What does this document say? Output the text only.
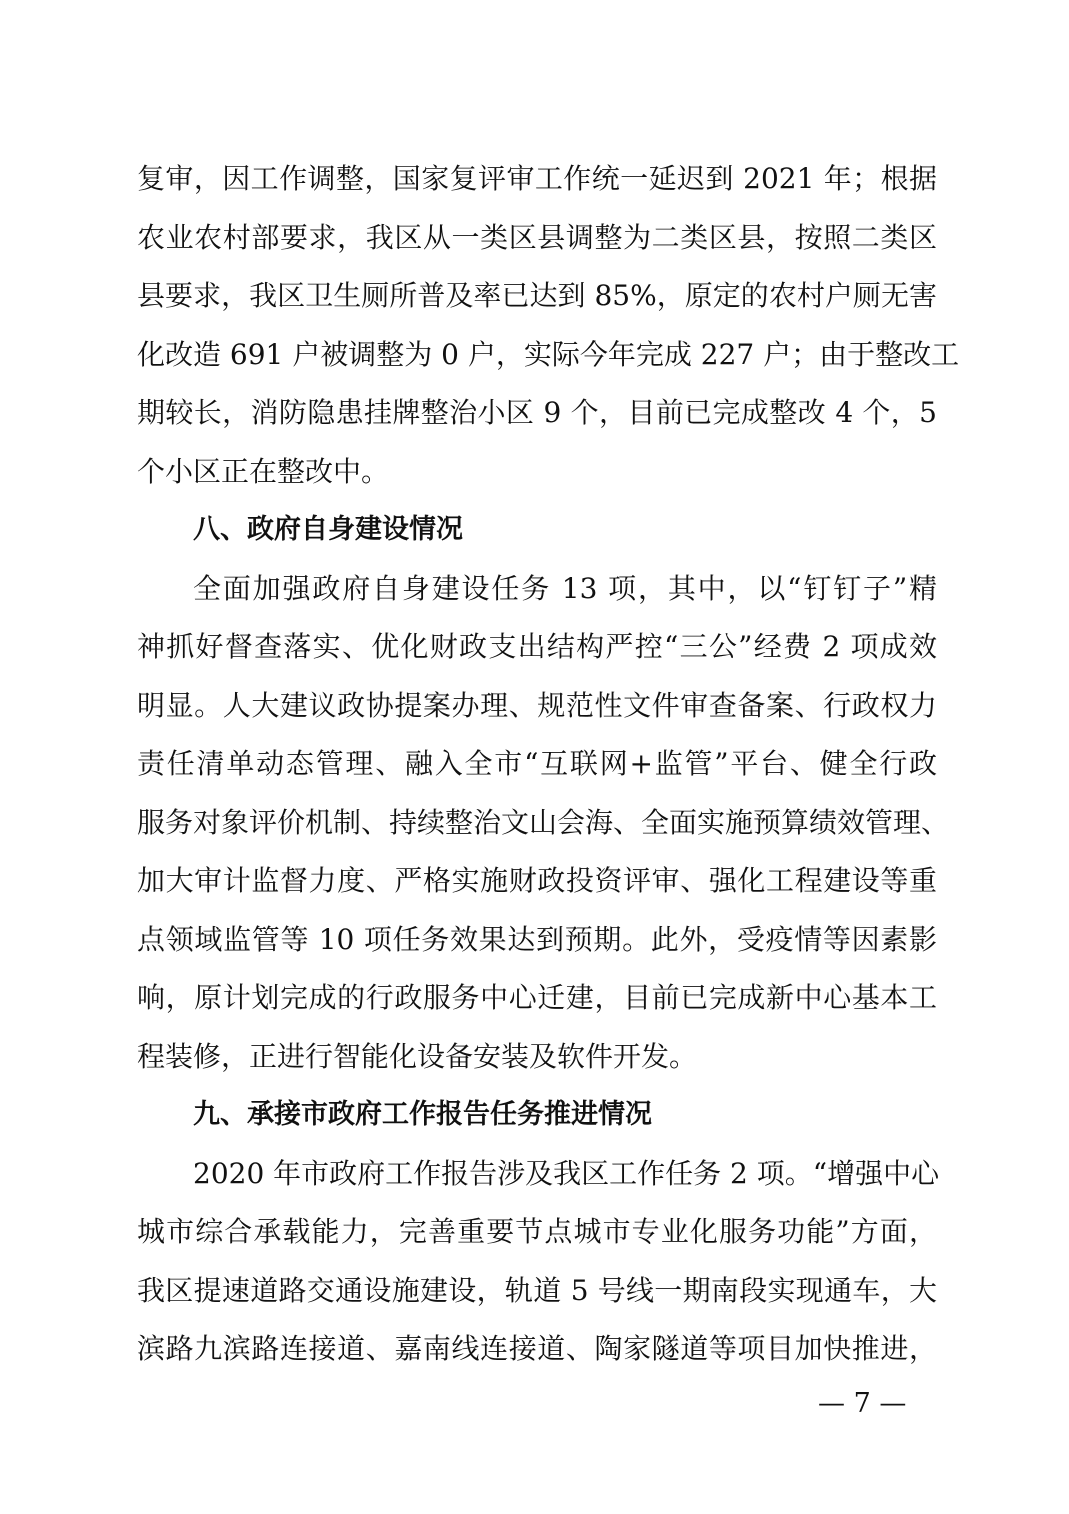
复审，因工作调整，国家复评审工作统一延迟到 2021 年；根据
农业农村部要求，我区从一类区县调整为二类区县，按照二类区
县要求，我区卫生厕所普及率已达到 85%，原定的农村户厕无害
化改造 691 户被调整为 0 户，实际今年完成 227 户；由于整改工
期较长，消防隐患挂牌整治小区 9 个，目前已完成整改 4 个，5
个小区正在整改中。
八、政府自身建设情况
全面加强政府自身建设任务 13 项，其中，以“钉钉子”精
神抓好督查落实、优化财政支出结构严控“三公”经费 2 项成效
明显。人大建议政协提案办理、规范性文件审查备案、行政权力
责任清单动态管理、融入全市“互联网+监管”平台、健全行政
服务对象评价机制、持续整治文山会海、全面实施预算绩效管理、
加大审计监督力度、严格实施财政投资评审、强化工程建设等重
点领域监管等 10 项任务效果达到预期。此外，受疫情等因素影
响，原计划完成的行政服务中心迁建，目前已完成新中心基本工
程装修，正进行智能化设备安装及软件开发。
九、承接市政府工作报告任务推进情况
2020 年市政府工作报告涉及我区工作任务 2 项。“增强中心
城市综合承载能力，完善重要节点城市专业化服务功能”方面，
我区提速道路交通设施建设，轨道 5 号线一期南段实现通车，大
滨路九滨路连接道、嘉南线连接道、陶家隧道等项目加快推进，
— 7 —
